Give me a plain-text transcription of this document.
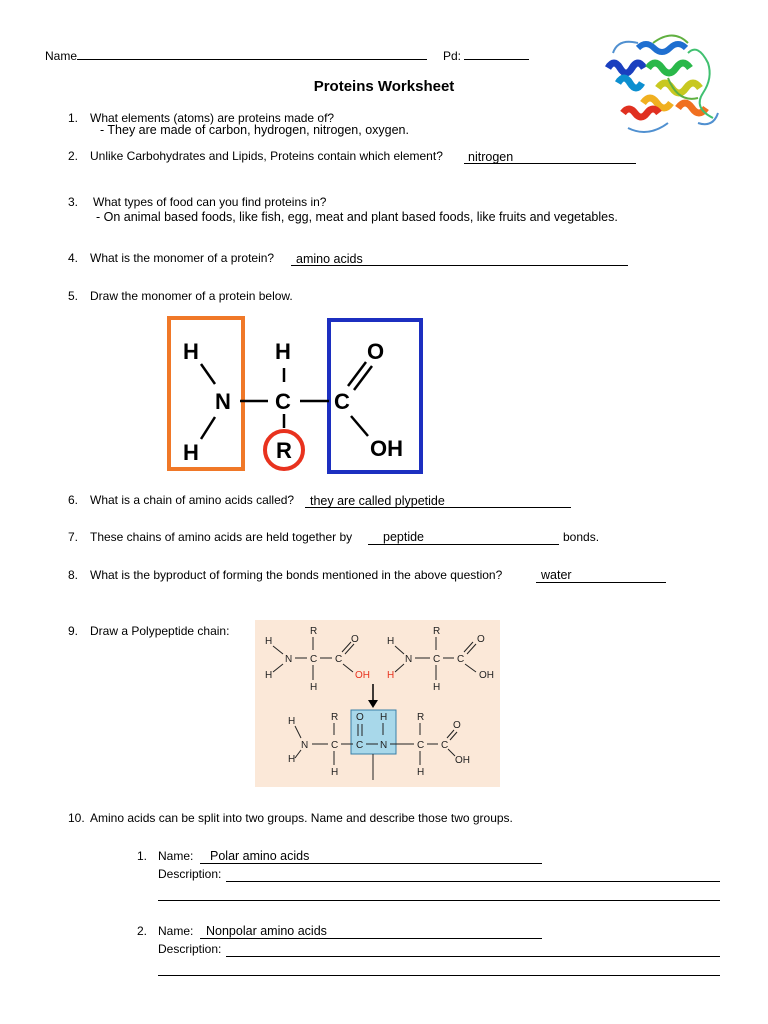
Name	Pd:
Proteins Worksheet
1. What elements (atoms) are proteins made of?
- They are made of carbon, hydrogen, nitrogen, oxygen.
2. Unlike Carbohydrates and Lipids, Proteins contain which element? nitrogen
3. What types of food can you find proteins in?
- On animal based foods, like fish, egg, meat and plant based foods, like fruits and vegetables.
4. What is the monomer of a protein? amino acids
5. Draw the monomer of a protein below.
H
N
H
H
C
R
C
O
OH
6. What is a chain of amino acids called? they are called plypetide
7. These chains of amino acids are held together by peptide	bonds.
8. What is the byproduct of forming the bonds mentioned in the above question?	water
9. Draw a Polypeptide chain:	R
H
N
H
C
H
C
O
OH
R
H
N
H
C
H
C
O
OH
H
N
H
R
C
H
O
C
H
N
R
C
H
C
O
OH
10. Amino acids can be split into two groups. Name and describe those two groups.
1. Name: Polar amino acids
Description:
2. Name: Nonpolar amino acids
Description:
